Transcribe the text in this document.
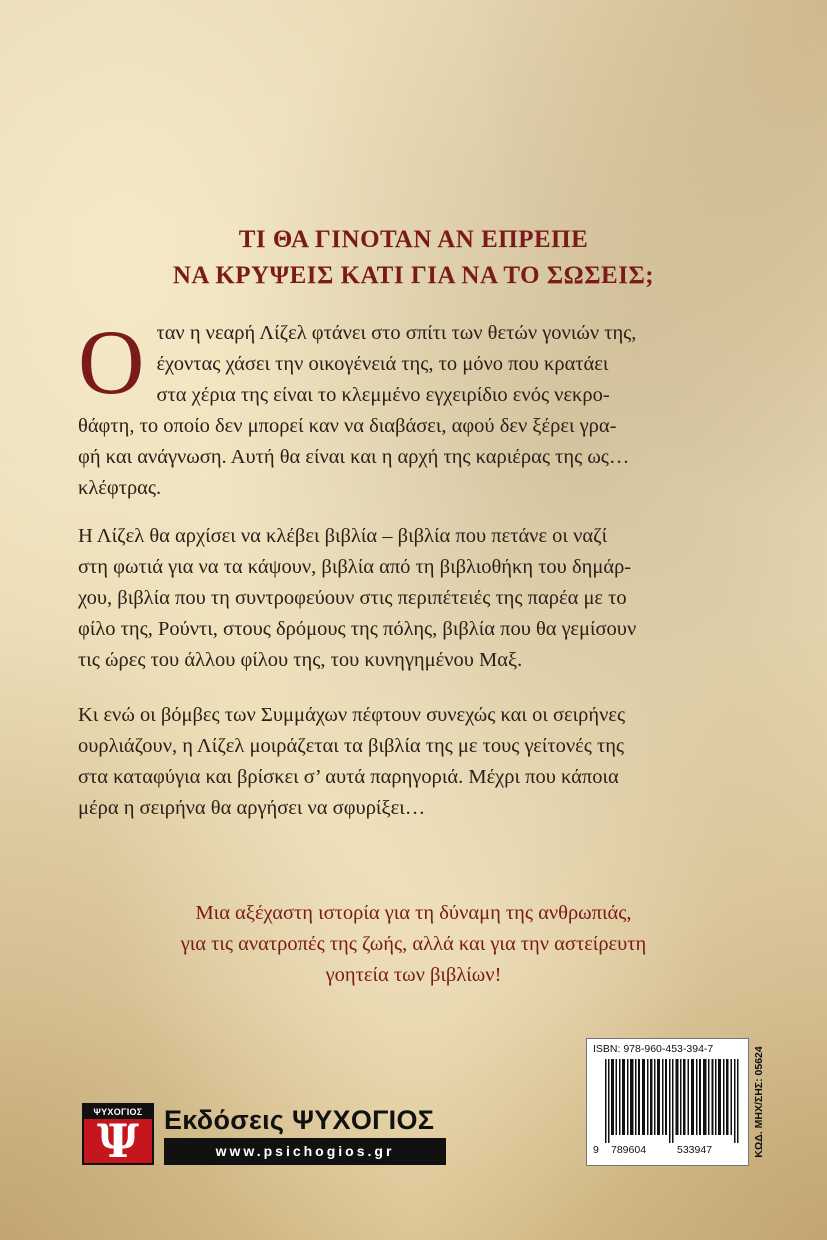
ΤΙ ΘΑ ΓΙΝΟΤΑΝ ΑΝ ΕΠΡΕΠΕ
ΝΑ ΚΡΥΨΕΙΣ ΚΑΤΙ ΓΙΑ ΝΑ ΤΟ ΣΩΣΕΙΣ;
Ο ταν η νεαρή Λίζελ φτάνει στο σπίτι των θετών γονιών της,
έχοντας χάσει την οικογένειά της, το μόνο που κρατάει
στα χέρια της είναι το κλεμμένο εγχειρίδιο ενός νεκρο-
θάφτη, το οποίο δεν μπορεί καν να διαβάσει, αφού δεν ξέρει γρα-
φή και ανάγνωση. Αυτή θα είναι και η αρχή της καριέρας της ως…
κλέφτρας.
Η Λίζελ θα αρχίσει να κλέβει βιβλία – βιβλία που πετάνε οι ναζί
στη φωτιά για να τα κάψουν, βιβλία από τη βιβλιοθήκη του δημάρ-
χου, βιβλία που τη συντροφεύουν στις περιπέτειές της παρέα με το
φίλο της, Ρούντι, στους δρόμους της πόλης, βιβλία που θα γεμίσουν
τις ώρες του άλλου φίλου της, του κυνηγημένου Μαξ.
Κι ενώ οι βόμβες των Συμμάχων πέφτουν συνεχώς και οι σειρήνες
ουρλιάζουν, η Λίζελ μοιράζεται τα βιβλία της με τους γείτονές της
στα καταφύγια και βρίσκει σ’ αυτά παρηγοριά. Μέχρι που κάποια
μέρα η σειρήνα θα αργήσει να σφυρίξει…
Μια αξέχαστη ιστορία για τη δύναμη της ανθρωπιάς,
για τις ανατροπές της ζωής, αλλά και για την αστείρευτη
γοητεία των βιβλίων!
ΨΥΧΟΓΙΟΣ
Ψ Εκδόσεις ΨΥΧΟΓΙΟΣ
www.psichogios.gr
ISBN: 978-960-453-394-7
9 789604	533947	ΚΩΔ. ΜΗΧ/ΣΗΣ: 05624
